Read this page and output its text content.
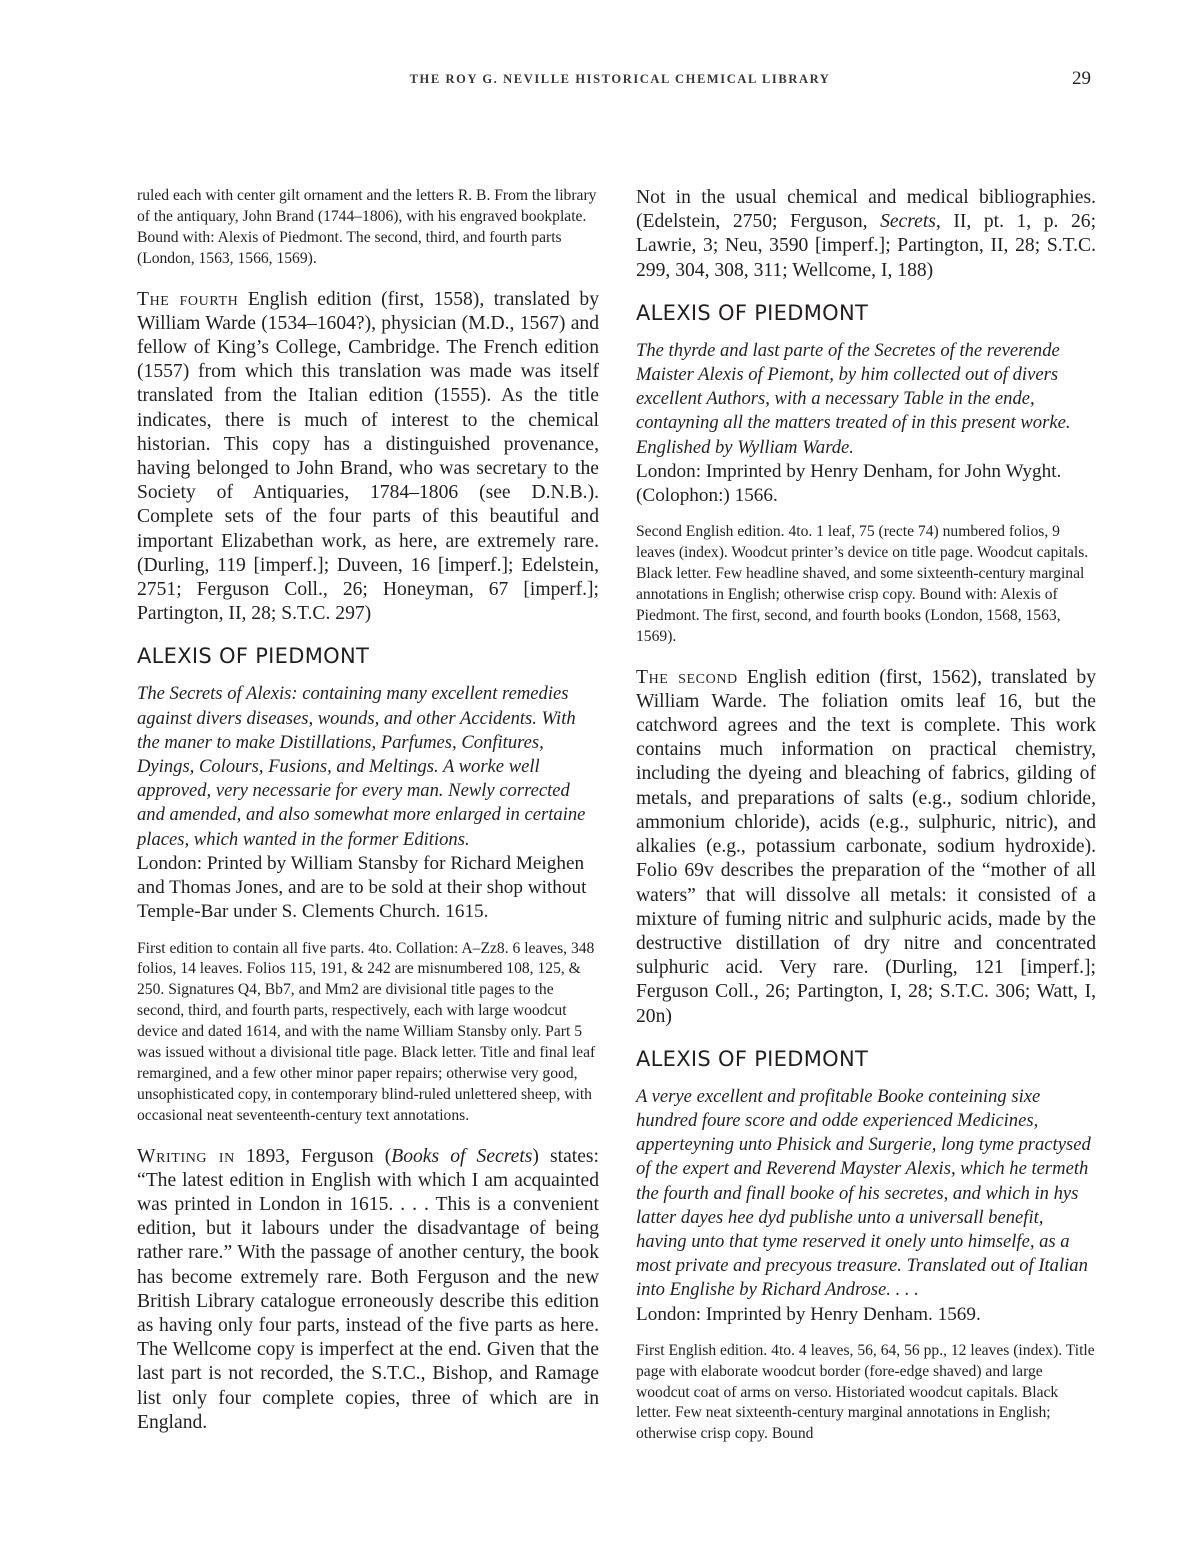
THE ROY G. NEVILLE HISTORICAL CHEMICAL LIBRARY	29

ruled each with center gilt ornament and the letters R. B. From the library of the antiquary, John Brand (1744–1806), with his engraved bookplate. Bound with: Alexis of Piedmont. The second, third, and fourth parts (London, 1563, 1566, 1569).

The fourth English edition (first, 1558), translated by William Warde (1534–1604?), physician (M.D., 1567) and fellow of King’s College, Cambridge. The French edition (1557) from which this translation was made was itself translated from the Italian edition (1555). As the title indicates, there is much of interest to the chemical historian. This copy has a distinguished provenance, having belonged to John Brand, who was secretary to the Society of Antiquaries, 1784–1806 (see D.N.B.). Complete sets of the four parts of this beautiful and important Elizabethan work, as here, are extremely rare. (Durling, 119 [imperf.]; Duveen, 16 [imperf.]; Edelstein, 2751; Ferguson Coll., 26; Honeyman, 67 [imperf.]; Partington, II, 28; S.T.C. 297)

ALEXIS OF PIEDMONT

The Secrets of Alexis: containing many excellent remedies against divers diseases, wounds, and other Accidents. With the maner to make Distillations, Parfumes, Confitures, Dyings, Colours, Fusions, and Meltings. A worke well approved, very necessarie for every man. Newly corrected and amended, and also somewhat more enlarged in certaine places, which wanted in the former Editions.

London: Printed by William Stansby for Richard Meighen and Thomas Jones, and are to be sold at their shop without Temple-Bar under S. Clements Church. 1615.

First edition to contain all five parts. 4to. Collation: A–Zz8. 6 leaves, 348 folios, 14 leaves. Folios 115, 191, & 242 are misnumbered 108, 125, & 250. Signatures Q4, Bb7, and Mm2 are divisional title pages to the second, third, and fourth parts, respectively, each with large woodcut device and dated 1614, and with the name William Stansby only. Part 5 was issued without a divisional title page. Black letter. Title and final leaf remargined, and a few other minor paper repairs; otherwise very good, unsophisticated copy, in contemporary blind-ruled unlettered sheep, with occasional neat seventeenth-century text annotations.

Writing in 1893, Ferguson (Books of Secrets) states: “The latest edition in English with which I am acquainted was printed in London in 1615. . . . This is a convenient edition, but it labours under the disadvantage of being rather rare.” With the passage of another century, the book has become extremely rare. Both Ferguson and the new British Library catalogue erroneously describe this edition as having only four parts, instead of the five parts as here. The Wellcome copy is imperfect at the end. Given that the last part is not recorded, the S.T.C., Bishop, and Ramage list only four complete copies, three of which are in England.

Not in the usual chemical and medical bibliographies. (Edelstein, 2750; Ferguson, Secrets, II, pt. 1, p. 26; Lawrie, 3; Neu, 3590 [imperf.]; Partington, II, 28; S.T.C. 299, 304, 308, 311; Wellcome, I, 188)

ALEXIS OF PIEDMONT

The thyrde and last parte of the Secretes of the reverende Maister Alexis of Piemont, by him collected out of divers excellent Authors, with a necessary Table in the ende, contayning all the matters treated of in this present worke. Englished by Wylliam Warde.

London: Imprinted by Henry Denham, for John Wyght. (Colophon:) 1566.

Second English edition. 4to. 1 leaf, 75 (recte 74) numbered folios, 9 leaves (index). Woodcut printer’s device on title page. Woodcut capitals. Black letter. Few headline shaved, and some sixteenth-century marginal annotations in English; otherwise crisp copy. Bound with: Alexis of Piedmont. The first, second, and fourth books (London, 1568, 1563, 1569).

The second English edition (first, 1562), translated by William Warde. The foliation omits leaf 16, but the catchword agrees and the text is complete. This work contains much information on practical chemistry, including the dyeing and bleaching of fabrics, gilding of metals, and preparations of salts (e.g., sodium chloride, ammonium chloride), acids (e.g., sulphuric, nitric), and alkalies (e.g., potassium carbonate, sodium hydroxide). Folio 69v describes the preparation of the “mother of all waters” that will dissolve all metals: it consisted of a mixture of fuming nitric and sulphuric acids, made by the destructive distillation of dry nitre and concentrated sulphuric acid. Very rare. (Durling, 121 [imperf.]; Ferguson Coll., 26; Partington, I, 28; S.T.C. 306; Watt, I, 20n)

ALEXIS OF PIEDMONT

A verye excellent and profitable Booke conteining sixe hundred foure score and odde experienced Medicines, apperteyning unto Phisick and Surgerie, long tyme practysed of the expert and Reverend Mayster Alexis, which he termeth the fourth and finall booke of his secretes, and which in hys latter dayes hee dyd publishe unto a universall benefit, having unto that tyme reserved it onely unto himselfe, as a most private and precyous treasure. Translated out of Italian into Englishe by Richard Androse. . . .

London: Imprinted by Henry Denham. 1569.

First English edition. 4to. 4 leaves, 56, 64, 56 pp., 12 leaves (index). Title page with elaborate woodcut border (fore-edge shaved) and large woodcut coat of arms on verso. Historiated woodcut capitals. Black letter. Few neat sixteenth-century marginal annotations in English; otherwise crisp copy. Bound
